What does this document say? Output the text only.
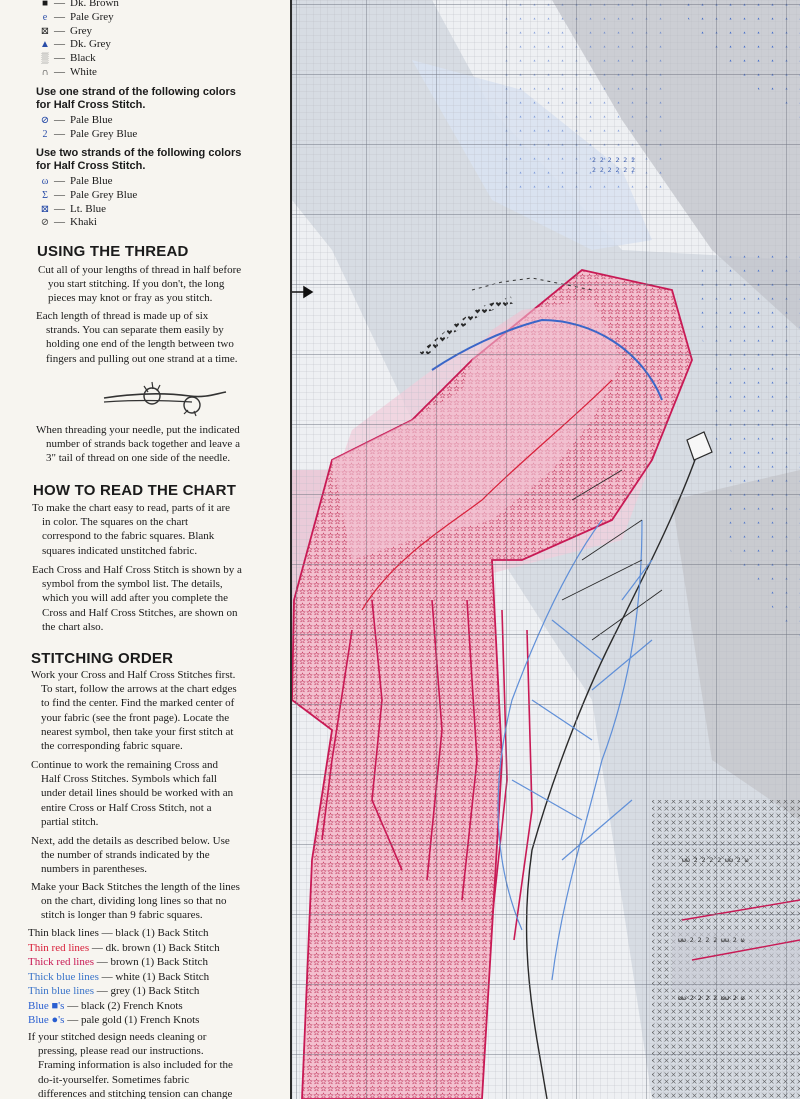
■ — Dk. Brown
e — Pale Grey
⊠ — Grey
▲ — Dk. Grey
▒ — Black
∩ — White
Use one strand of the following colors
for Half Cross Stitch.
⊘ — Pale Blue
2 — Pale Grey Blue
Use two strands of the following colors
for Half Cross Stitch.
ω — Pale Blue
Σ — Pale Grey Blue
⊠ — Lt. Blue
⊘ — Khaki
USING THE THREAD

Cut all of your lengths of thread in half before
you start stitching. If you don't, the long
pieces may knot or fray as you stitch.

Each length of thread is made up of six
strands. You can separate them easily by
holding one end of the length between two
fingers and pulling out one strand at a time.

When threading your needle, put the indicated
number of strands back together and leave a
3" tail of thread on one side of the needle.

HOW TO READ THE CHART

To make the chart easy to read, parts of it are
in color. The squares on the chart
correspond to the fabric squares. Blank
squares indicated unstitched fabric.

Each Cross and Half Cross Stitch is shown by a
symbol from the symbol list. The details,
which you will add after you complete the
Cross and Half Cross Stitches, are shown on
the chart also.

STITCHING ORDER

Work your Cross and Half Cross Stitches first.
To start, follow the arrows at the chart edges
to find the center. Find the marked center of
your fabric (see the front page). Locate the
nearest symbol, then take your first stitch at
the corresponding fabric square.

Continue to work the remaining Cross and
Half Cross Stitches. Symbols which fall
under detail lines should be worked with an
entire Cross or Half Cross Stitch, not a
partial stitch.

Next, add the details as described below. Use
the number of strands indicated by the
numbers in parentheses.

Make your Back Stitches the length of the lines
on the chart, dividing long lines so that no
stitch is longer than 9 fabric squares.

Thin black lines — black (1) Back Stitch
Thin red lines — dk. brown (1) Back Stitch
Thick red lines — brown (1) Back Stitch
Thick blue lines — white (1) Back Stitch
Thin blue lines — grey (1) Back Stitch
Blue ■'s — black (2) French Knots
Blue ●'s — pale gold (1) French Knots

If your stitched design needs cleaning or
pressing, please read our instructions.
Framing information is also included for the
do-it-yourselfer. Sometimes fabric
differences and stitching tension can change

2 2 2 2 2 2
2 2 2 2 2 2
ωω 2 2 2 2 ωω 2 ω
ωω 2 2 2 2 ωω 2 ω
ωω 2 2 2 2 ωω 2 ω
